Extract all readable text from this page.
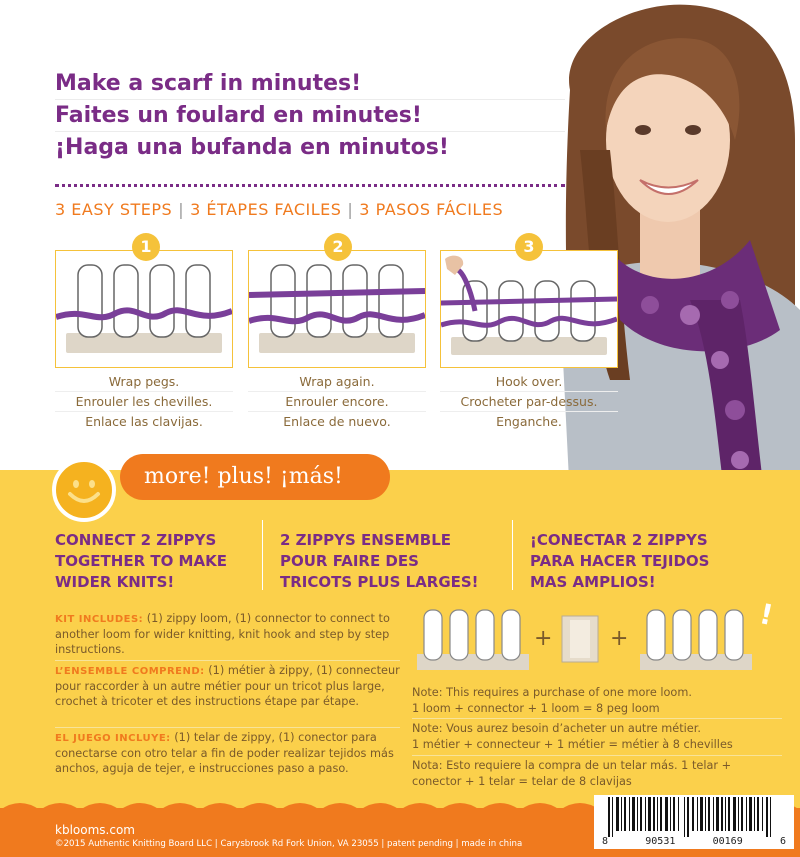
Make a scarf in minutes!
Faites un foulard en minutes!
¡Haga una bufanda en minutos!
3 EASY STEPS | 3 ÉTAPES FACILES | 3 PASOS FÁCILES
1
Wrap pegs.
Enrouler les chevilles.
Enlace las clavijas.
2
Wrap again.
Enrouler encore.
Enlace de nuevo.
3
Hook over.
Crocheter par-dessus.
Enganche.
more! plus! ¡más!
CONNECT 2 ZIPPYS
TOGETHER TO MAKE
WIDER KNITS!
2 ZIPPYS ENSEMBLE
POUR FAIRE DES
TRICOTS PLUS LARGES!
¡CONECTAR 2 ZIPPYS
PARA HACER TEJIDOS
MAS AMPLIOS!
KIT INCLUDES: (1) zippy loom, (1) connector to connect to another loom for wider knitting, knit hook and step by step instructions.
L’ENSEMBLE COMPREND: (1) métier à zippy, (1) connecteur pour raccorder à un autre métier pour un tricot plus large, crochet à tricoter et des instructions étape par étape.
EL JUEGO INCLUYE: (1) telar de zippy, (1) conector para conectarse con otro telar a fin de poder realizar tejidos más anchos, aguja de tejer, e instrucciones paso a paso.
+	+
!
Note: This requires a purchase of one more loom.
1 loom + connector + 1 loom = 8 peg loom
Note: Vous aurez besoin d’acheter un autre métier.
1 métier + connecteur + 1 métier = métier à 8 chevilles
Nota: Esto requiere la compra de un telar más. 1 telar +
conector + 1 telar = telar de 8 clavijas
kblooms.com
©2015 Authentic Knitting Board LLC | Carysbrook Rd Fork Union, VA 23055 | patent pending | made in china	8	90531	00169	6
